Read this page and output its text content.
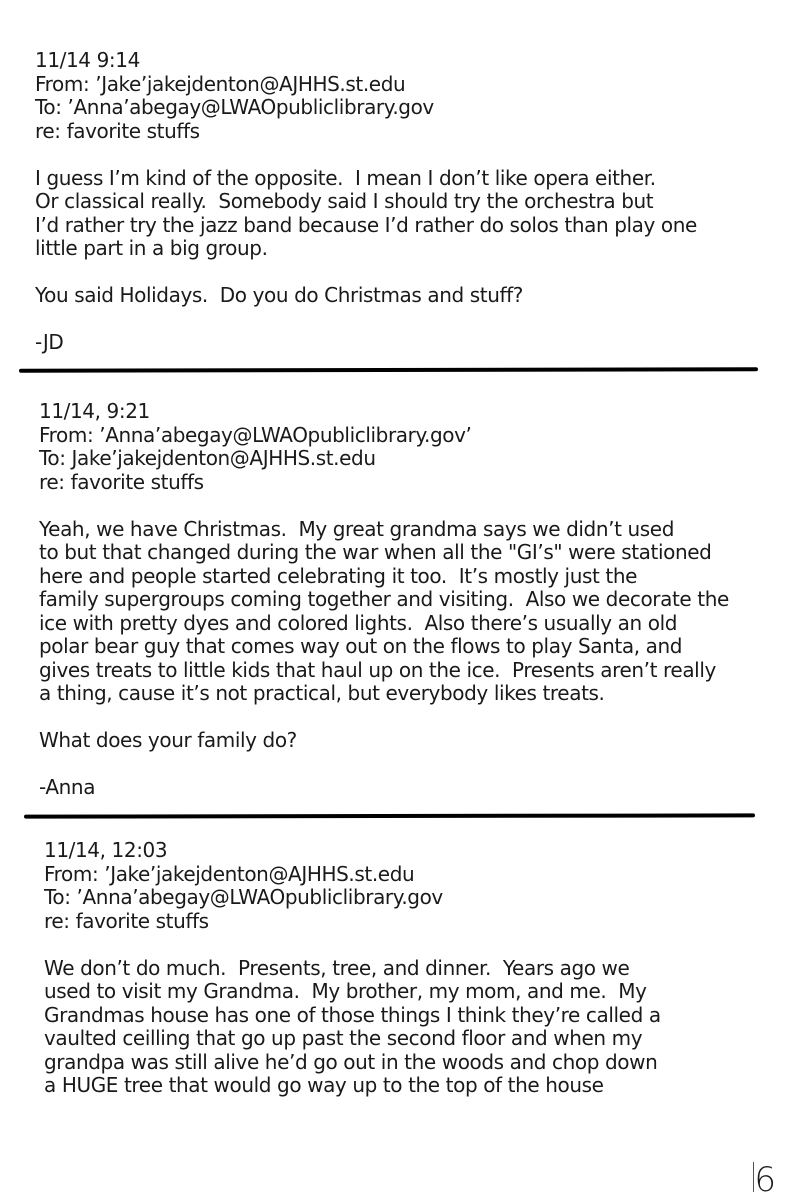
11/14 9:14

From: ’Jake’jakejdenton@AJHHS.st.edu

To: ’Anna’abegay@LWAOpubliclibrary.gov

re: favorite stuffs

I guess I’m kind of the opposite.  I mean I don’t like opera either.

Or classical really.  Somebody said I should try the orchestra but

I’d rather try the jazz band because I’d rather do solos than play one

little part in a big group.

You said Holidays.  Do you do Christmas and stuff?

-JD

11/14, 9:21

From: ’Anna’abegay@LWAOpubliclibrary.gov’

To: Jake’jakejdenton@AJHHS.st.edu

re: favorite stuffs

Yeah, we have Christmas.  My great grandma says we didn’t used

to but that changed during the war when all the "GI’s" were stationed

here and people started celebrating it too.  It’s mostly just the

family supergroups coming together and visiting.  Also we decorate the

ice with pretty dyes and colored lights.  Also there’s usually an old

polar bear guy that comes way out on the flows to play Santa, and

gives treats to little kids that haul up on the ice.  Presents aren’t really

a thing, cause it’s not practical, but everybody likes treats.

What does your family do?

-Anna

11/14, 12:03

From: ’Jake’jakejdenton@AJHHS.st.edu

To: ’Anna’abegay@LWAOpubliclibrary.gov

re: favorite stuffs

We don’t do much.  Presents, tree, and dinner.  Years ago we

used to visit my Grandma.  My brother, my mom, and me.  My

Grandmas house has one of those things I think they’re called a

vaulted ceilling that go up past the second floor and when my

grandpa was still alive he’d go out in the woods and chop down

a HUGE tree that would go way up to the top of the house

6
